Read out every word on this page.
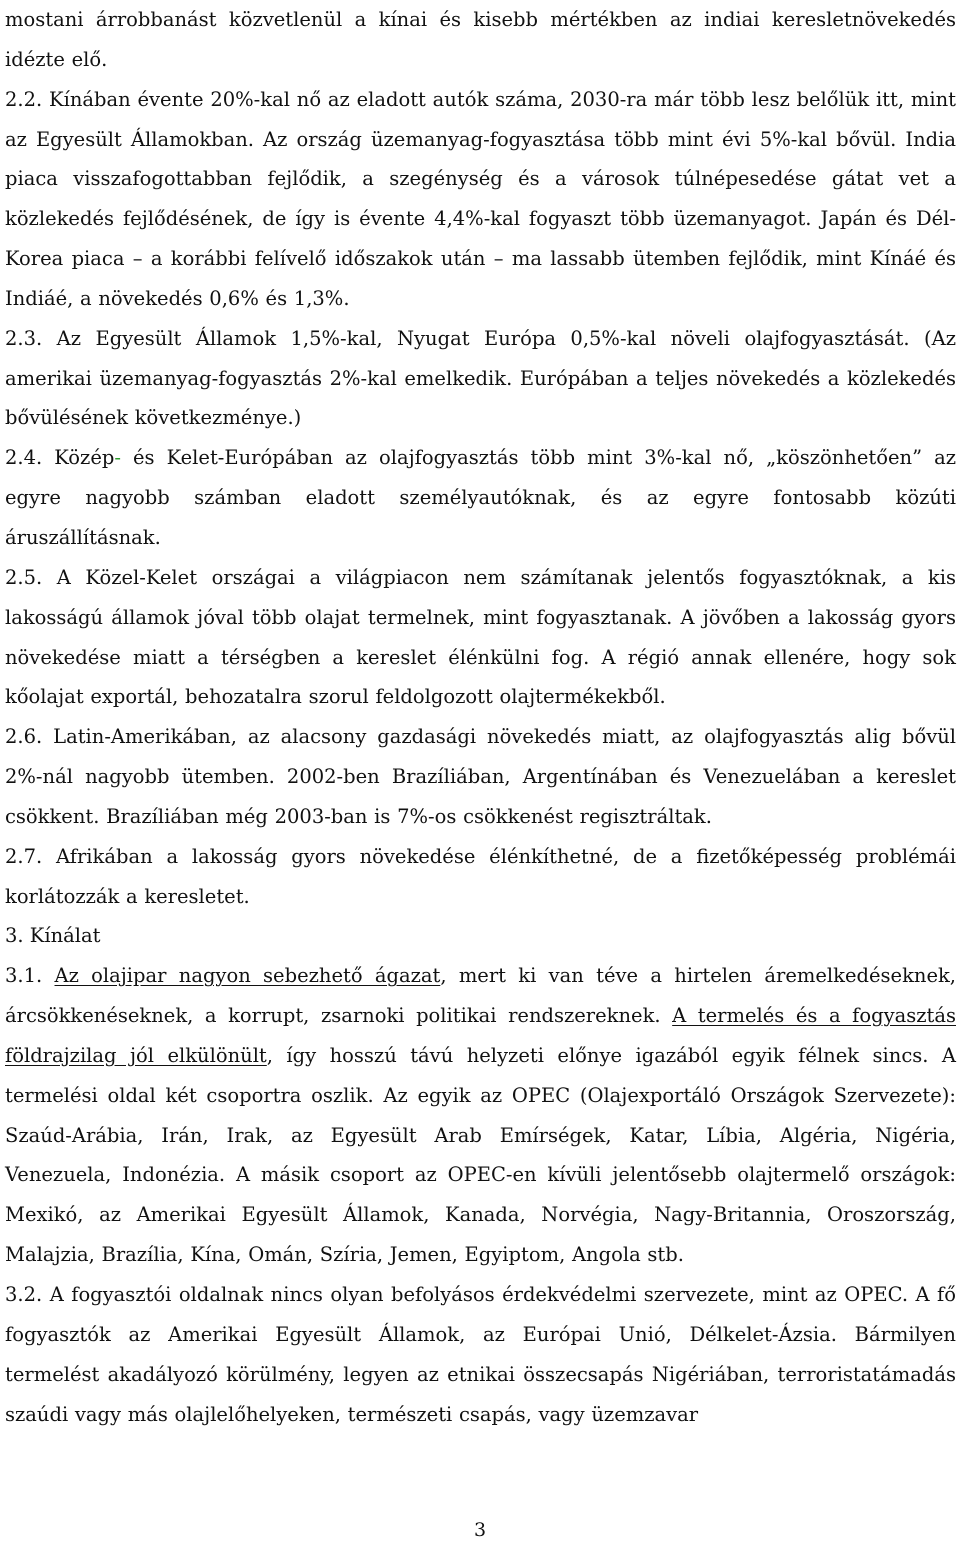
mostani árrobbanást közvetlenül a kínai és kisebb mértékben az indiai keresletnövekedés idézte elő.

2.2. Kínában évente 20%-kal nő az eladott autók száma, 2030-ra már több lesz belőlük itt, mint az Egyesült Államokban. Az ország üzemanyag-fogyasztása több mint évi 5%-kal bővül. India piaca visszafogottabban fejlődik, a szegénység és a városok túlnépesedése gátat vet a közlekedés fejlődésének, de így is évente 4,4%-kal fogyaszt több üzemanyagot. Japán és Dél-Korea piaca – a korábbi felívelő időszakok után – ma lassabb ütemben fejlődik, mint Kínáé és Indiáé, a növekedés 0,6% és 1,3%.

2.3. Az Egyesült Államok 1,5%-kal, Nyugat Európa 0,5%-kal növeli olajfogyasztását. (Az amerikai üzemanyag-fogyasztás 2%-kal emelkedik. Európában a teljes növekedés a közlekedés bővülésének következménye.)

2.4. Közép- és Kelet-Európában az olajfogyasztás több mint 3%-kal nő, „köszönhetően” az egyre nagyobb számban eladott személyautóknak, és az egyre fontosabb közúti áruszállításnak.

2.5. A Közel-Kelet országai a világpiacon nem számítanak jelentős fogyasztóknak, a kis lakosságú államok jóval több olajat termelnek, mint fogyasztanak. A jövőben a lakosság gyors növekedése miatt a térségben a kereslet élénkülni fog. A régió annak ellenére, hogy sok kőolajat exportál, behozatalra szorul feldolgozott olajtermékekből.

2.6. Latin-Amerikában, az alacsony gazdasági növekedés miatt, az olajfogyasztás alig bővül 2%-nál nagyobb ütemben. 2002-ben Brazíliában, Argentínában és Venezuelában a kereslet csökkent. Brazíliában még 2003-ban is 7%-os csökkenést regisztráltak.

2.7. Afrikában a lakosság gyors növekedése élénkíthetné, de a fizetőképesség problémái korlátozzák a keresletet.

3. Kínálat

3.1. Az olajipar nagyon sebezhető ágazat, mert ki van téve a hirtelen áremelkedéseknek, árcsökkenéseknek, a korrupt, zsarnoki politikai rendszereknek. A termelés és a fogyasztás földrajzilag jól elkülönült, így hosszú távú helyzeti előnye igazából egyik félnek sincs. A termelési oldal két csoportra oszlik. Az egyik az OPEC (Olajexportáló Országok Szervezete): Szaúd-Arábia, Irán, Irak, az Egyesült Arab Emírségek, Katar, Líbia, Algéria, Nigéria, Venezuela, Indonézia. A másik csoport az OPEC-en kívüli jelentősebb olajtermelő országok: Mexikó, az Amerikai Egyesült Államok, Kanada, Norvégia, Nagy-Britannia, Oroszország, Malajzia, Brazília, Kína, Omán, Szíria, Jemen, Egyiptom, Angola stb.

3.2. A fogyasztói oldalnak nincs olyan befolyásos érdekvédelmi szervezete, mint az OPEC. A fő fogyasztók az Amerikai Egyesült Államok, az Európai Unió, Délkelet-Ázsia. Bármilyen termelést akadályozó körülmény, legyen az etnikai összecsapás Nigériában, terroristatámadás szaúdi vagy más olajlelőhelyeken, természeti csapás, vagy üzemzavar

3
